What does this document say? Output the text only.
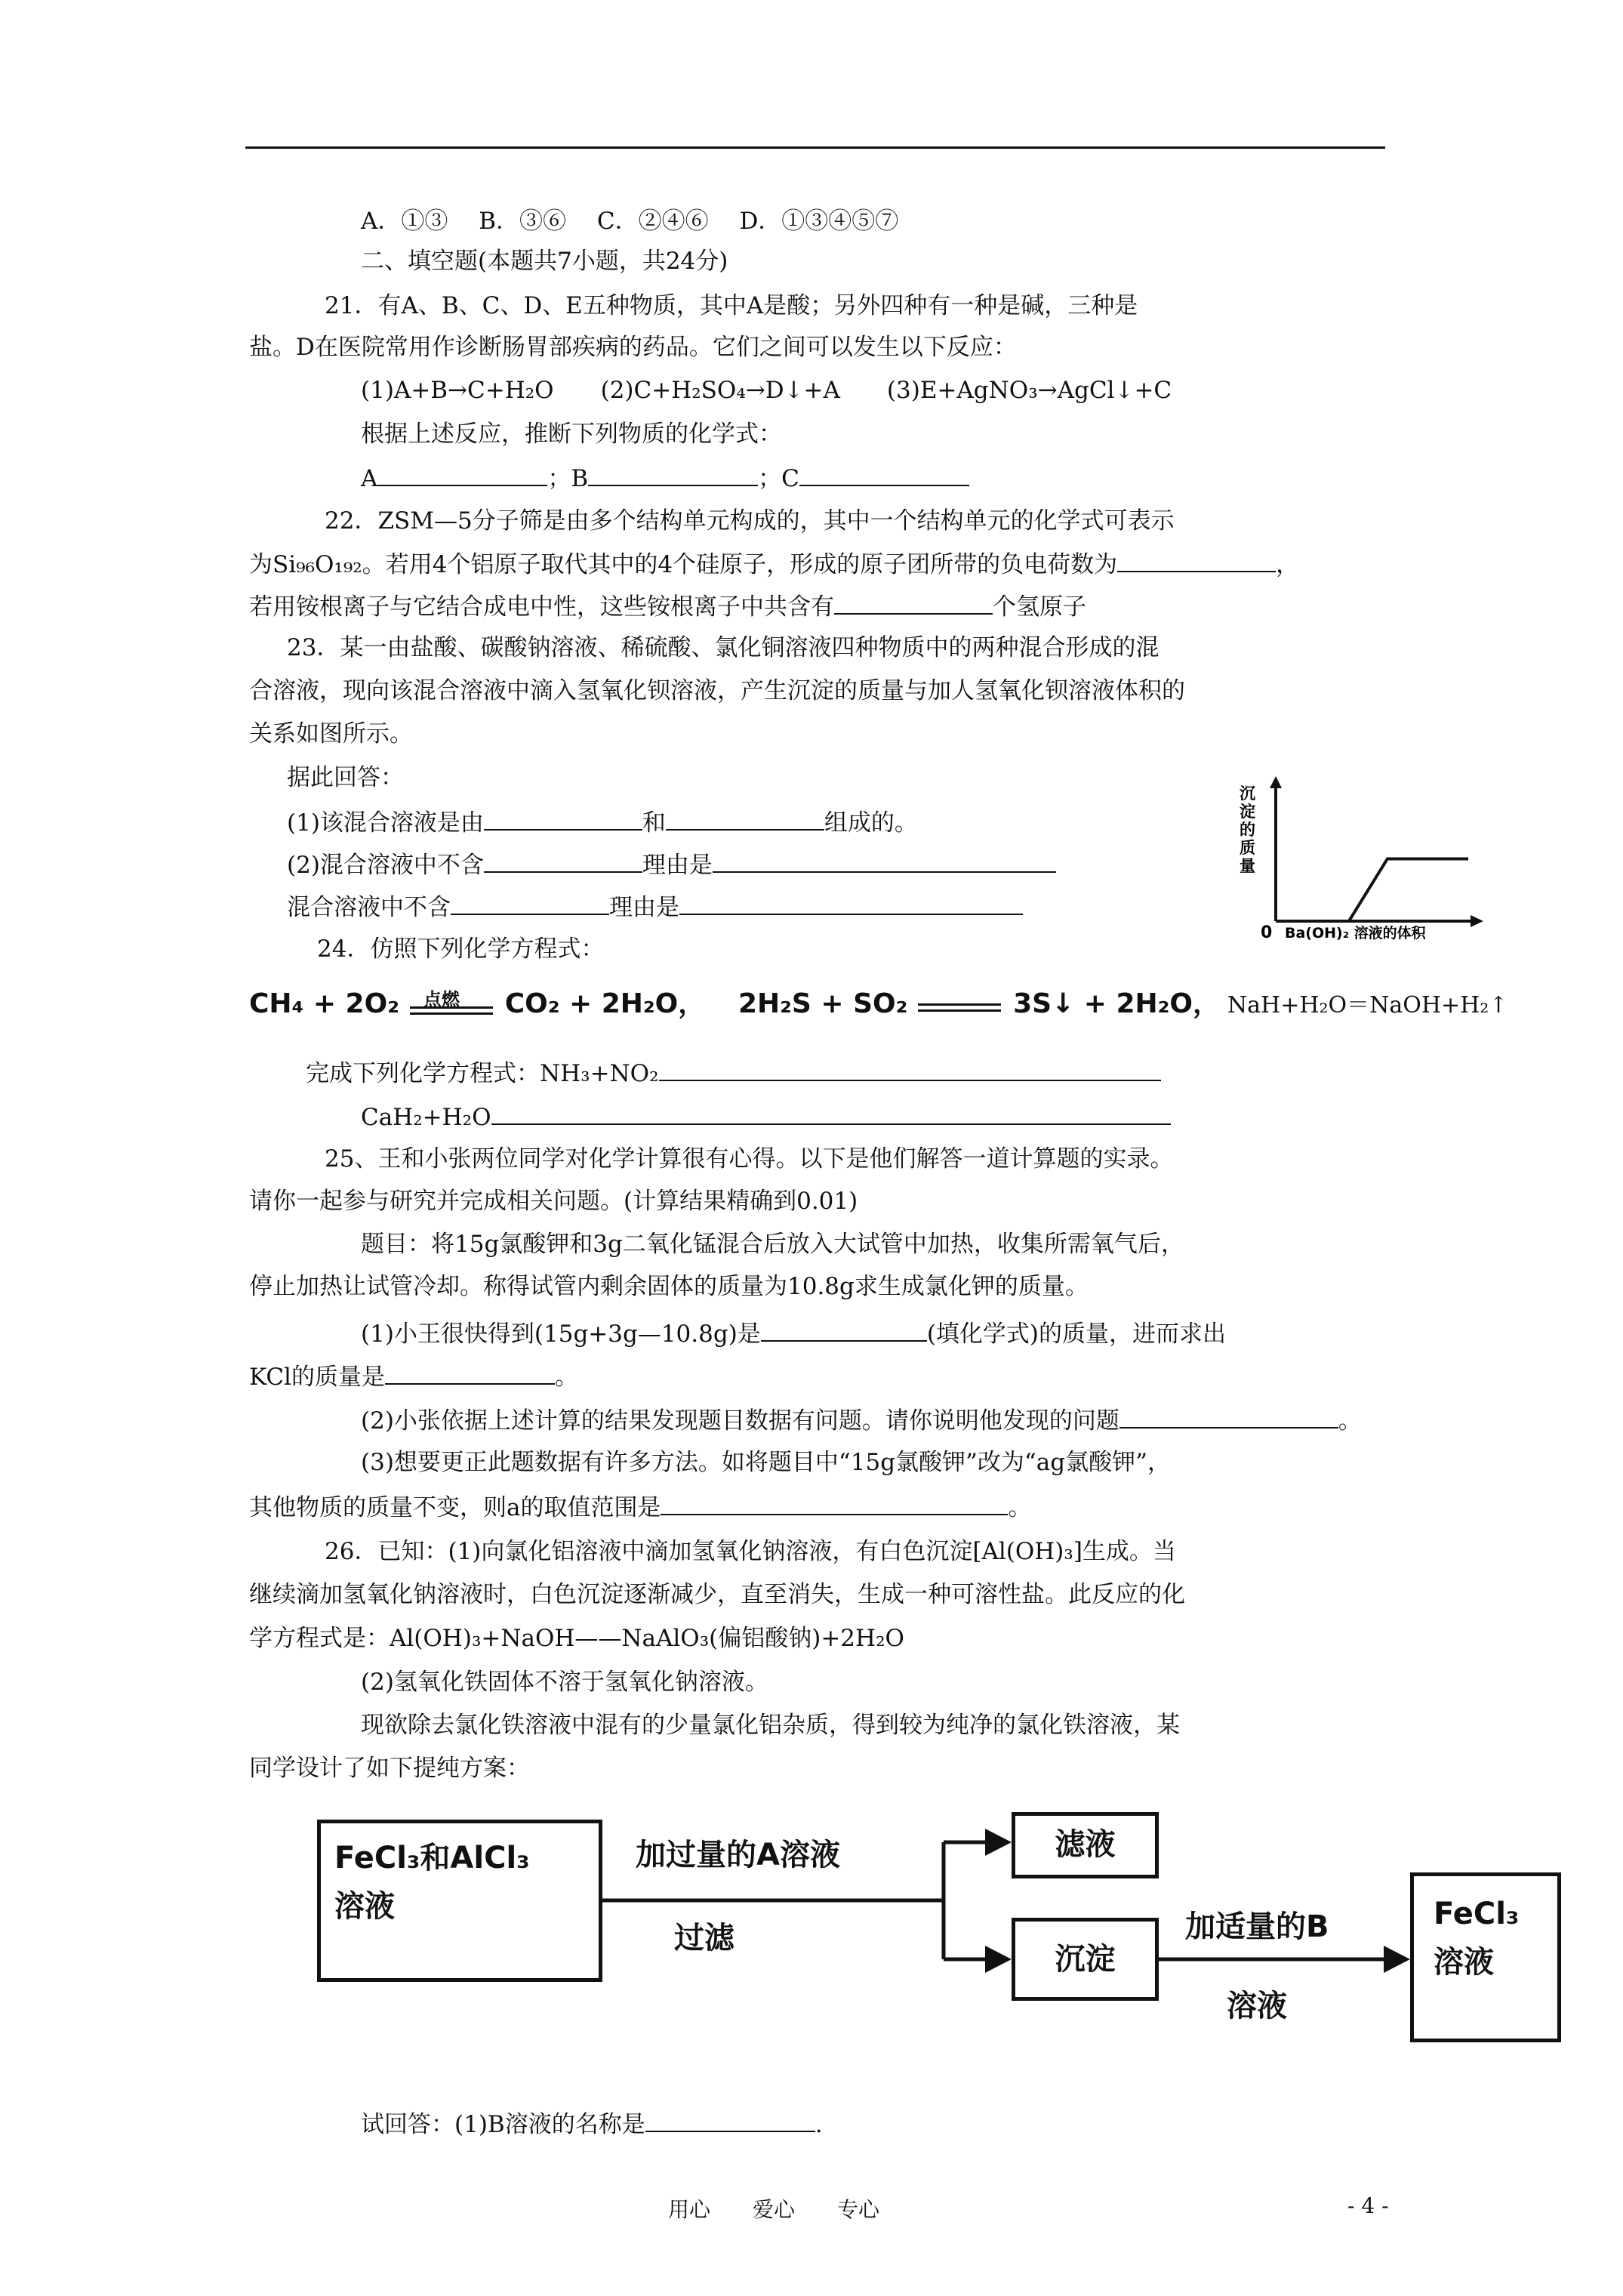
A．①③　 B．③⑥　 C．②④⑥　 D．①③④⑤⑦
二、填空题(本题共7小题，共24分)
21．有A、B、C、D、E五种物质，其中A是酸；另外四种有一种是碱，三种是
盐。D在医院常用作诊断肠胃部疾病的药品。它们之间可以发生以下反应：
(1)A+B→C+H₂O　　(2)C+H₂SO₄→D↓+A　　(3)E+AgNO₃→AgCl↓+C
根据上述反应，推断下列物质的化学式：
A	；B	；C
22．ZSM—5分子筛是由多个结构单元构成的，其中一个结构单元的化学式可表示
为Si₉₆O₁₉₂。若用4个铝原子取代其中的4个硅原子，形成的原子团所带的负电荷数为	，
若用铵根离子与它结合成电中性，这些铵根离子中共含有	个氢原子
23．某一由盐酸、碳酸钠溶液、稀硫酸、氯化铜溶液四种物质中的两种混合形成的混
合溶液，现向该混合溶液中滴入氢氧化钡溶液，产生沉淀的质量与加人氢氧化钡溶液体积的
关系如图所示。
据此回答：
(1)该混合溶液是由	和	组成的。
(2)混合溶液中不含	理由是
混合溶液中不含	理由是
沉
淀
的
质
量
0 Ba(OH)₂ 溶液的体积
24．仿照下列化学方程式：
CH₄ + 2O₂ 点燃 CO₂ + 2H₂O， 2H₂S + SO₂	3S↓ + 2H₂O， NaH+H₂O＝NaOH+H₂↑
完成下列化学方程式：NH₃+NO₂
CaH₂+H₂O
25、王和小张两位同学对化学计算很有心得。以下是他们解答一道计算题的实录。
请你一起参与研究并完成相关问题。(计算结果精确到0.01)
题目：将15g氯酸钾和3g二氧化锰混合后放入大试管中加热，收集所需氧气后，
停止加热让试管冷却。称得试管内剩余固体的质量为10.8g求生成氯化钾的质量。
(1)小王很快得到(15g+3g—10.8g)是	(填化学式)的质量，进而求出
KCl的质量是	。
(2)小张依据上述计算的结果发现题目数据有问题。请你说明他发现的问题	。
(3)想要更正此题数据有许多方法。如将题目中“15g氯酸钾”改为“ag氯酸钾”，
其他物质的质量不变，则a的取值范围是	。
26．已知：(1)向氯化铝溶液中滴加氢氧化钠溶液，有白色沉淀[Al(OH)₃]生成。当
继续滴加氢氧化钠溶液时，白色沉淀逐渐减少，直至消失，生成一种可溶性盐。此反应的化
学方程式是：Al(OH)₃+NaOH——NaAlO₃(偏铝酸钠)+2H₂O
(2)氢氧化铁固体不溶于氢氧化钠溶液。
现欲除去氯化铁溶液中混有的少量氯化铝杂质，得到较为纯净的氯化铁溶液，某
同学设计了如下提纯方案：
FeCl₃和AlCl₃
溶液
加过量的A溶液
过滤
滤液
沉淀
加适量的B
溶液
FeCl₃
溶液
试回答：(1)B溶液的名称是	.
用心　　爱心　　专心	- 4 -
